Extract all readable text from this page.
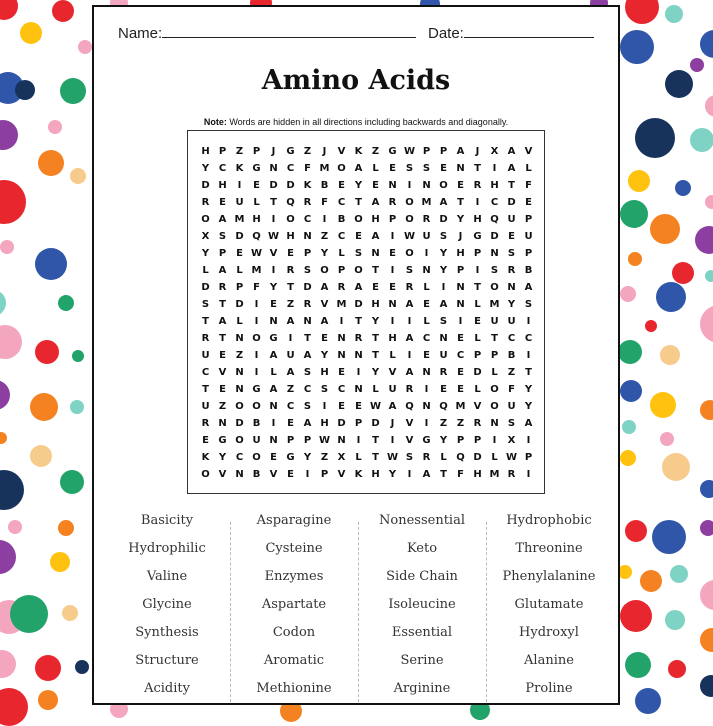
Name:	Date:
Amino Acids
Note: Words are hidden in all directions including backwards and diagonally.
H P Z P	J	G Z	J	V K Z G W P P A	J	X A V
Y C K G N C F M O A L	E S S E N T	I	A L
D H	I	E D D K B E Y E N	I	N O E R H T	F
R E U L	T Q R F C T A R O M A T	I	C D E
O A M H	I	O C	I	B O H P O R D Y H Q U P
X S D Q W H N Z C E A	I W U S	J	G D E U
Y P E W V E P Y	L	S N E O	I	Y H P N S P
L A L M	I	R S O P O T	I	S N Y P	I	S R B
D R P F Y T D A R A E	E R L	I	N T O N A
S T D	I	E Z R V M D H N A E A N L M Y S
T A L	I	N A N A	I	T Y	I	I	L	S	I	E U U	I
R T N O G	I	T	E N R T H A C N E	L	T C C
U E Z	I	A U A Y N N T	L	I	E U C P P B	I
C V N	I	L A S H E	I	Y V A N R E D L	Z T
T	E N G A Z C S C N L U R	I	E	E	L O F Y
U Z O O N C S	I	E	E W A Q N Q M V O U Y
R N D B	I	E A H D P D	J	V	I	Z Z R N S A
E G O U N P P W N	I	T	I	V G Y P P	I	X	I
K Y C O E G Y Z X L	T W S R L Q D L W P
O V N B V E	I	P V K H Y	I	A T	F H M R	I
Basicity
Hydrophilic
Valine
Glycine
Synthesis
Structure
Acidity
Asparagine
Cysteine
Enzymes
Aspartate
Codon
Aromatic
Methionine
Nonessential
Keto
Side Chain
Isoleucine
Essential
Serine
Arginine
Hydrophobic
Threonine
Phenylalanine
Glutamate
Hydroxyl
Alanine
Proline
